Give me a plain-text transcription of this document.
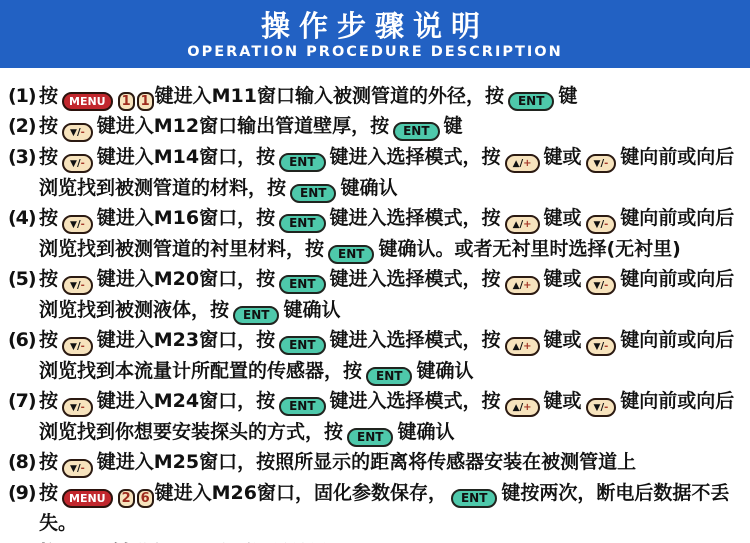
操作步骤说明
OPERATION PROCEDURE DESCRIPTION

(1) 按 MENU 1 1 键进入M11窗口输入被测管道的外径，按 ENT 键

(2) 按 ▼/- 键进入M12窗口输出管道壁厚，按 ENT 键

(3) 按 ▼/- 键进入M14窗口，按 ENT 键进入选择模式，按 ▲/+ 键或 ▼/- 键向前或向后浏览找到被测管道的材料，按 ENT 键确认

(4) 按 ▼/- 键进入M16窗口，按 ENT 键进入选择模式，按 ▲/+ 键或 ▼/- 键向前或向后浏览找到被测管道的衬里材料，按 ENT 键确认。或者无衬里时选择(无衬里)

(5) 按 ▼/- 键进入M20窗口，按 ENT 键进入选择模式，按 ▲/+ 键或 ▼/- 键向前或向后浏览找到被测液体，按 ENT 键确认

(6) 按 ▼/- 键进入M23窗口，按 ENT 键进入选择模式，按 ▲/+ 键或 ▼/- 键向前或向后浏览找到本流量计所配置的传感器，按 ENT 键确认

(7) 按 ▼/- 键进入M24窗口，按 ENT 键进入选择模式，按 ▲/+ 键或 ▼/- 键向前或向后浏览找到你想要安装探头的方式，按 ENT 键确认

(8) 按 ▼/- 键进入M25窗口，按照所显示的距离将传感器安装在被测管道上

(9) 按 MENU 2 6 键进入M26窗口，固化参数保存， ENT 键按两次，断电后数据不丢失。
